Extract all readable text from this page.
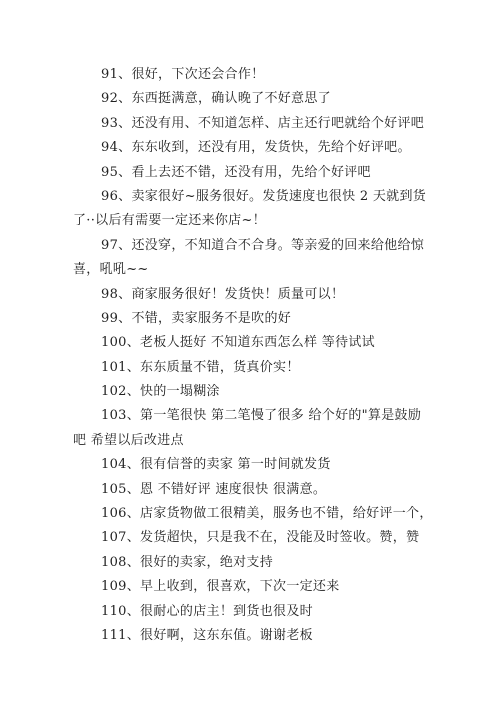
91、很好，下次还会合作！
92、东西挺满意，确认晚了不好意思了
93、还没有用、不知道怎样、店主还行吧就给个好评吧
94、东东收到，还没有用，发货快，先给个好评吧。
95、看上去还不错，还没有用，先给个好评吧
96、卖家很好~服务很好。发货速度也很快 2 天就到货
了··以后有需要一定还来你店~！
97、还没穿，不知道合不合身。等亲爱的回来给他给惊
喜，吼吼~~
98、商家服务很好！发货快！质量可以！
99、不错，卖家服务不是吹的好
100、老板人挺好 不知道东西怎么样 等待试试
101、东东质量不错，货真价实！
102、快的一塌糊涂
103、第一笔很快 第二笔慢了很多 给个好的"算是鼓励
吧 希望以后改进点
104、很有信誉的卖家 第一时间就发货
105、恩 不错好评 速度很快 很满意。
106、店家货物做工很精美，服务也不错，给好评一个，
107、发货超快，只是我不在，没能及时签收。赞，赞
108、很好的卖家，绝对支持
109、早上收到，很喜欢，下次一定还来
110、很耐心的店主！到货也很及时
111、很好啊，这东东值。谢谢老板
